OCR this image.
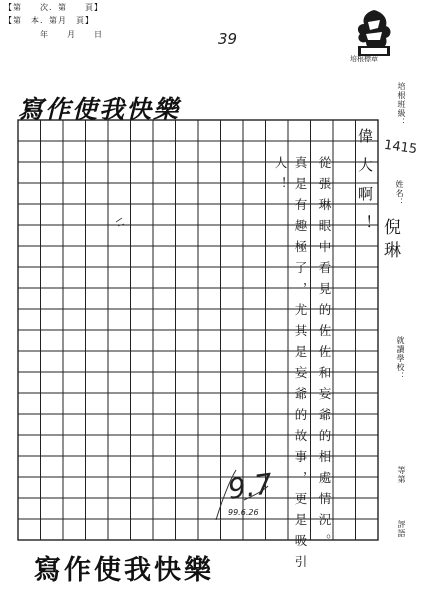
【第　　次．第　　頁】
【第　本．第月　頁】
年　　月　　日	39
培根標章
寫作使我快樂	培根班級：
1415
姓名：
倪琳
就讀學校：
等第
評語
偉大啊！
從張琳眼中看見的佐佐和妄爺的相處情況。
真是有趣極了，尤其是妄爺的故事，更是吸引人！
9.7
99.6.26
寫作使我快樂
